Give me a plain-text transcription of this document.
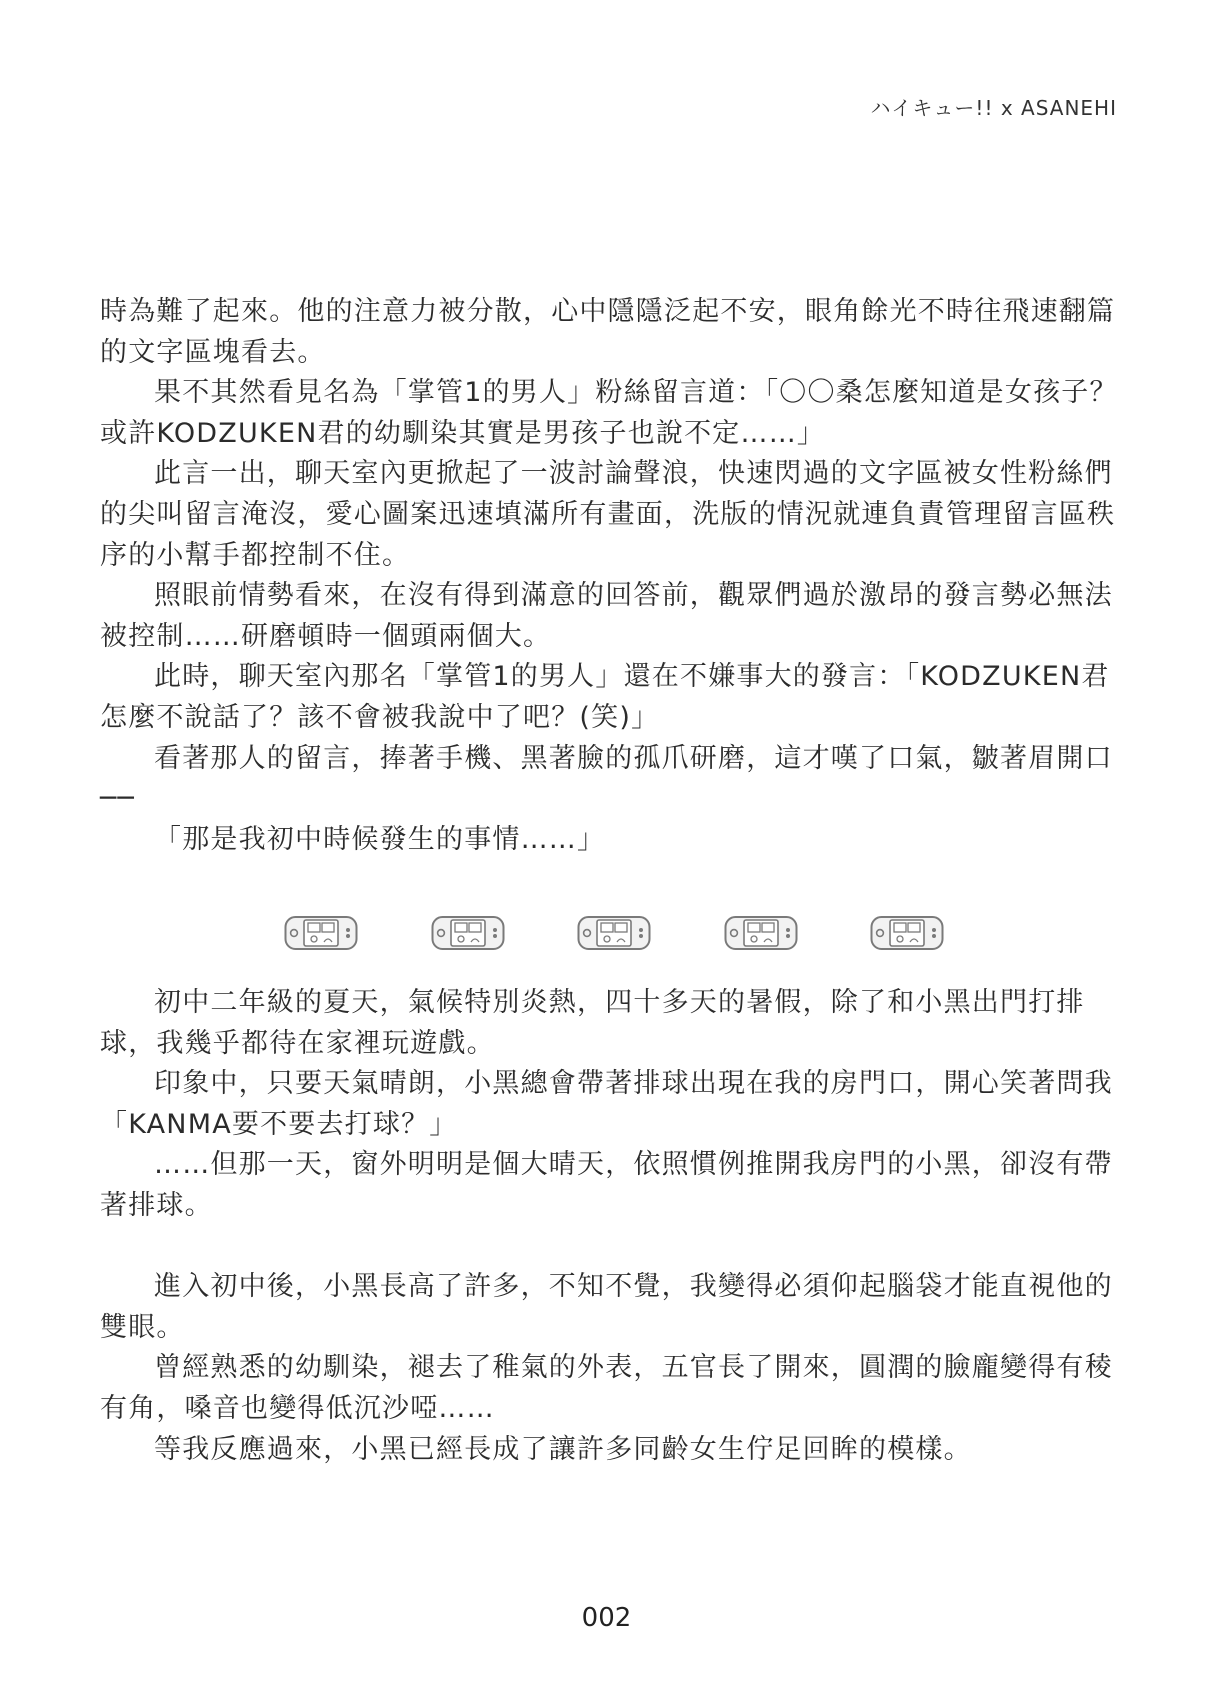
ハイキュー!! x ASANEHI

時為難了起來。他的注意力被分散，心中隱隱泛起不安，眼角餘光不時往飛速翻篇的文字區塊看去。

果不其然看見名為「掌管1的男人」粉絲留言道：「〇〇桑怎麼知道是女孩子？或許KODZUKEN君的幼馴染其實是男孩子也說不定……」

此言一出，聊天室內更掀起了一波討論聲浪，快速閃過的文字區被女性粉絲們的尖叫留言淹沒，愛心圖案迅速填滿所有畫面，洗版的情況就連負責管理留言區秩序的小幫手都控制不住。

照眼前情勢看來，在沒有得到滿意的回答前，觀眾們過於激昂的發言勢必無法被控制……研磨頓時一個頭兩個大。

此時，聊天室內那名「掌管1的男人」還在不嫌事大的發言：「KODZUKEN君怎麼不說話了？該不會被我說中了吧？(笑)」

看著那人的留言，捧著手機、黑著臉的孤爪研磨，這才嘆了口氣，皺著眉開口──

「那是我初中時候發生的事情……」

初中二年級的夏天，氣候特別炎熱，四十多天的暑假，除了和小黑出門打排球，我幾乎都待在家裡玩遊戲。

印象中，只要天氣晴朗，小黑總會帶著排球出現在我的房門口，開心笑著問我「KANMA要不要去打球？」

……但那一天，窗外明明是個大晴天，依照慣例推開我房門的小黑，卻沒有帶著排球。

進入初中後，小黑長高了許多，不知不覺，我變得必須仰起腦袋才能直視他的雙眼。

曾經熟悉的幼馴染，褪去了稚氣的外表，五官長了開來，圓潤的臉龐變得有稜有角，嗓音也變得低沉沙啞……

等我反應過來，小黑已經長成了讓許多同齡女生佇足回眸的模樣。

002
